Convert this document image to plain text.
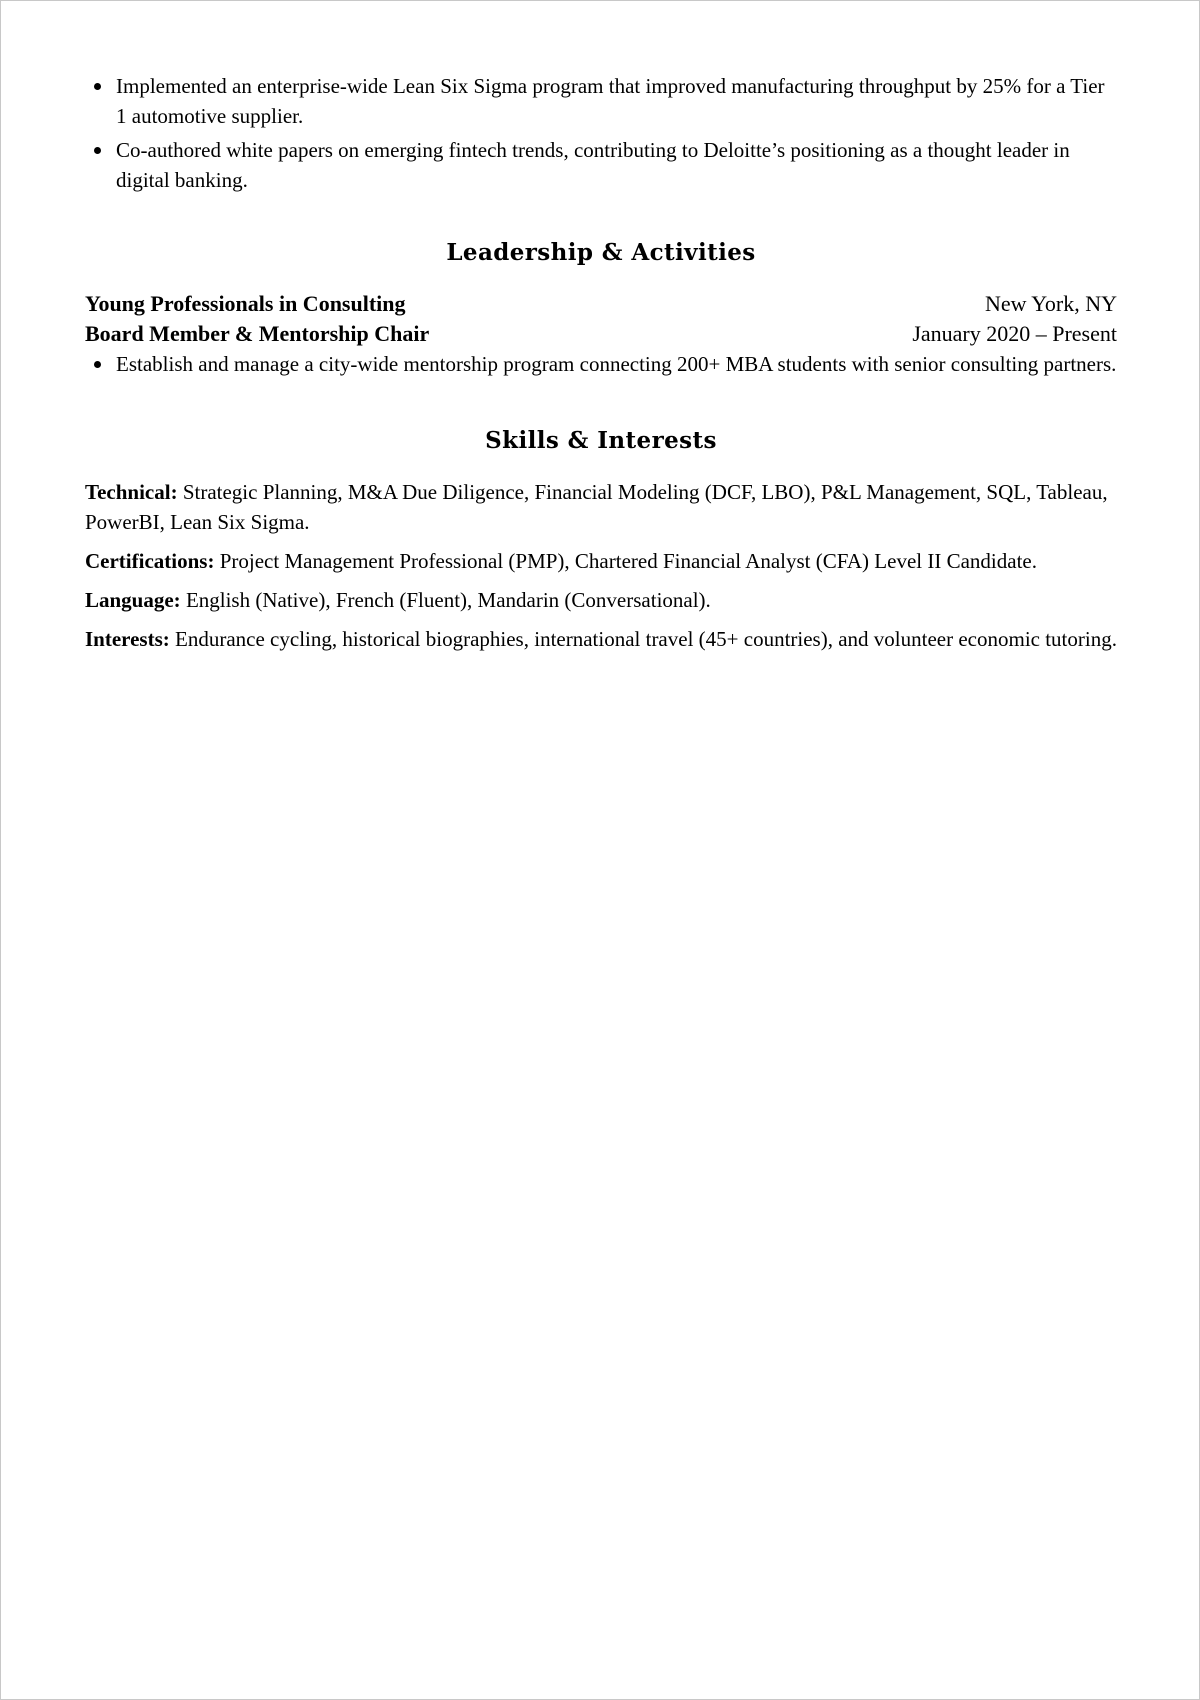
Implemented an enterprise-wide Lean Six Sigma program that improved manufacturing throughput by 25% for a Tier 1 automotive supplier.
Co-authored white papers on emerging fintech trends, contributing to Deloitte’s positioning as a thought leader in digital banking.
Leadership & Activities
Young Professionals in Consulting	New York, NY
Board Member & Mentorship Chair	January 2020 – Present
Establish and manage a city-wide mentorship program connecting 200+ MBA students with senior consulting partners.
Skills & Interests

Technical: Strategic Planning, M&A Due Diligence, Financial Modeling (DCF, LBO), P&L Management, SQL, Tableau, PowerBI, Lean Six Sigma.

Certifications: Project Management Professional (PMP), Chartered Financial Analyst (CFA) Level II Candidate.

Language: English (Native), French (Fluent), Mandarin (Conversational).

Interests: Endurance cycling, historical biographies, international travel (45+ countries), and volunteer economic tutoring.
